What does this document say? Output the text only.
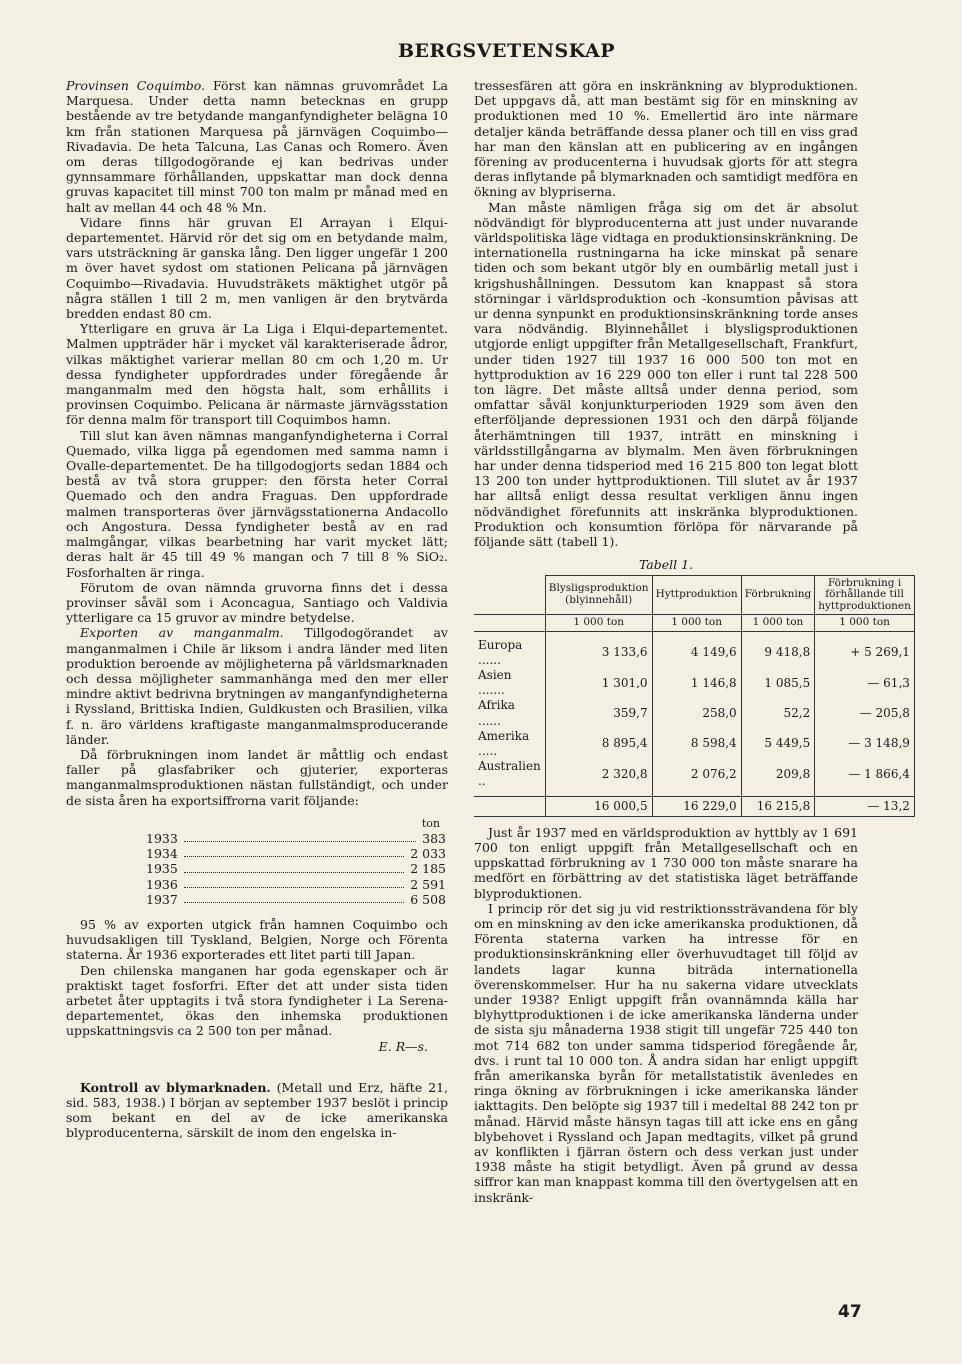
BERGSVETENSKAP

Provinsen Coquimbo. Först kan nämnas gruvområdet La Marquesa. Under detta namn betecknas en grupp bestående av tre betydande manganfyndigheter belägna 10 km från stationen Marquesa på järnvägen Coquimbo—Rivadavia. De heta Talcuna, Las Canas och Romero. Även om deras tillgodogörande ej kan bedrivas under gynnsammare förhållanden, uppskattar man dock denna gruvas kapacitet till minst 700 ton malm pr månad med en halt av mellan 44 och 48 % Mn.

Vidare finns här gruvan El Arrayan i Elqui-departementet. Härvid rör det sig om en betydande malm, vars utsträckning är ganska lång. Den ligger ungefär 1 200 m över havet sydost om stationen Pelicana på järnvägen Coquimbo—Rivadavia. Huvudsträkets mäktighet utgör på några ställen 1 till 2 m, men vanligen är den brytvärda bredden endast 80 cm.

Ytterligare en gruva är La Liga i Elqui-departementet. Malmen uppträder här i mycket väl karakteriserade ådror, vilkas mäktighet varierar mellan 80 cm och 1,20 m. Ur dessa fyndigheter uppfordrades under föregående år manganmalm med den högsta halt, som erhållits i provinsen Coquimbo. Pelicana är närmaste järnvägsstation för denna malm för transport till Coquimbos hamn.

Till slut kan även nämnas manganfyndigheterna i Corral Quemado, vilka ligga på egendomen med samma namn i Ovalle-departementet. De ha tillgodogjorts sedan 1884 och bestå av två stora grupper: den första heter Corral Quemado och den andra Fraguas. Den uppfordrade malmen transporteras över järnvägsstationerna Andacollo och Angostura. Dessa fyndigheter bestå av en rad malmgångar, vilkas bearbetning har varit mycket lätt; deras halt är 45 till 49 % mangan och 7 till 8 % SiO₂. Fosforhalten är ringa.

Förutom de ovan nämnda gruvorna finns det i dessa provinser såväl som i Aconcagua, Santiago och Valdivia ytterligare ca 15 gruvor av mindre betydelse.

Exporten av manganmalm. Tillgodogörandet av manganmalmen i Chile är liksom i andra länder med liten produktion beroende av möjligheterna på världsmarknaden och dessa möjligheter sammanhänga med den mer eller mindre aktivt bedrivna brytningen av manganfyndigheterna i Ryssland, Brittiska Indien, Guldkusten och Brasilien, vilka f. n. äro världens kraftigaste manganmalmsproducerande länder.

Då förbrukningen inom landet är måttlig och endast faller på glasfabriker och gjuterier, exporteras manganmalmsproduktionen nästan fullständigt, och under de sista åren ha exportsiffrorna varit följande:

ton
1933	383
1934	2 033
1935	2 185
1936	2 591
1937	6 508

95 % av exporten utgick från hamnen Coquimbo och huvudsakligen till Tyskland, Belgien, Norge och Förenta staterna. År 1936 exporterades ett litet parti till Japan.

Den chilenska manganen har goda egenskaper och är praktiskt taget fosforfri. Efter det att under sista tiden arbetet åter upptagits i två stora fyndigheter i La Serena-departementet, ökas den inhemska produktionen uppskattningsvis ca 2 500 ton per månad.

E. R—s.

Kontroll av blymarknaden. (Metall und Erz, häfte 21, sid. 583, 1938.) I början av september 1937 beslöt i princip som bekant en del av de icke amerikanska blyproducenterna, särskilt de inom den engelska in-

tressesfären att göra en inskränkning av blyproduktionen. Det uppgavs då, att man bestämt sig för en minskning av produktionen med 10 %. Emellertid äro inte närmare detaljer kända beträffande dessa planer och till en viss grad har man den känslan att en publicering av en ingången förening av producenterna i huvudsak gjorts för att stegra deras inflytande på blymarknaden och samtidigt medföra en ökning av blypriserna.

Man måste nämligen fråga sig om det är absolut nödvändigt för blyproducenterna att just under nuvarande världspolitiska läge vidtaga en produktionsinskränkning. De internationella rustningarna ha icke minskat på senare tiden och som bekant utgör bly en oumbärlig metall just i krigshushållningen. Dessutom kan knappast så stora störningar i världsproduktion och -konsumtion påvisas att ur denna synpunkt en produktionsinskränkning torde anses vara nödvändig. Blyinnehållet i blysligsproduktionen utgjorde enligt uppgifter från Metallgesellschaft, Frankfurt, under tiden 1927 till 1937 16 000 500 ton mot en hyttproduktion av 16 229 000 ton eller i runt tal 228 500 ton lägre. Det måste alltså under denna period, som omfattar såväl konjunkturperioden 1929 som även den efterföljande depressionen 1931 och den därpå följande återhämtningen till 1937, inträtt en minskning i världsstillgångarna av blymalm. Men även förbrukningen har under denna tidsperiod med 16 215 800 ton legat blott 13 200 ton under hyttproduktionen. Till slutet av år 1937 har alltså enligt dessa resultat verkligen ännu ingen nödvändighet förefunnits att inskränka blyproduktionen. Produktion och konsumtion förlöpa för närvarande på följande sätt (tabell 1).

Tabell 1.
	Blysligsproduktion (blyinnehåll)	Hyttproduktion	Förbrukning	Förbrukning i förhållande till hyttproduktionen
	1 000 ton	1 000 ton	1 000 ton	1 000 ton
Europa ......	3 133,6	4 149,6	9 418,8	+ 5 269,1
Asien .......	1 301,0	1 146,8	1 085,5	— 61,3
Afrika ......	359,7	258,0	52,2	— 205,8
Amerika .....	8 895,4	8 598,4	5 449,5	— 3 148,9
Australien ..	2 320,8	2 076,2	209,8	— 1 866,4
	16 000,5	16 229,0	16 215,8	— 13,2

Just år 1937 med en världsproduktion av hyttbly av 1 691 700 ton enligt uppgift från Metallgesellschaft och en uppskattad förbrukning av 1 730 000 ton måste snarare ha medfört en förbättring av det statistiska läget beträffande blyproduktionen.

I princip rör det sig ju vid restriktionssträvandena för bly om en minskning av den icke amerikanska produktionen, då Förenta staterna varken ha intresse för en produktionsinskränkning eller överhuvudtaget till följd av landets lagar kunna biträda internationella överenskommelser. Hur ha nu sakerna vidare utvecklats under 1938? Enligt uppgift från ovannämnda källa har blyhyttproduktionen i de icke amerikanska länderna under de sista sju månaderna 1938 stigit till ungefär 725 440 ton mot 714 682 ton under samma tidsperiod föregående år, dvs. i runt tal 10 000 ton. Å andra sidan har enligt uppgift från amerikanska byrån för metallstatistik ävenledes en ringa ökning av förbrukningen i icke amerikanska länder iakttagits. Den belöpte sig 1937 till i medeltal 88 242 ton pr månad. Härvid måste hänsyn tagas till att icke ens en gång blybehovet i Ryssland och Japan medtagits, vilket på grund av konflikten i fjärran östern och dess verkan just under 1938 måste ha stigit betydligt. Även på grund av dessa siffror kan man knappast komma till den övertygelsen att en inskränk-

47
